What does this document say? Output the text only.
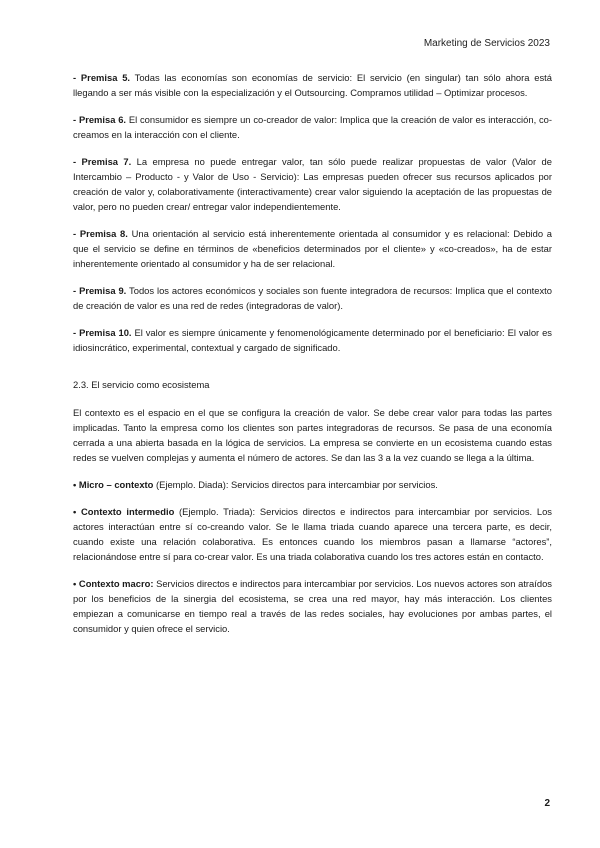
Marketing de Servicios 2023

- Premisa 5. Todas las economías son economías de servicio: El servicio (en singular) tan sólo ahora está llegando a ser más visible con la especialización y el Outsourcing. Compramos utilidad – Optimizar procesos.

- Premisa 6. El consumidor es siempre un co-creador de valor: Implica que la creación de valor es interacción, co-creamos en la interacción con el cliente.

- Premisa 7. La empresa no puede entregar valor, tan sólo puede realizar propuestas de valor (Valor de Intercambio – Producto - y Valor de Uso - Servicio): Las empresas pueden ofrecer sus recursos aplicados por creación de valor y, colaborativamente (interactivamente) crear valor siguiendo la aceptación de las propuestas de valor, pero no pueden crear/ entregar valor independientemente.

- Premisa 8. Una orientación al servicio está inherentemente orientada al consumidor y es relacional: Debido a que el servicio se define en términos de «beneficios determinados por el cliente» y «co-creados», ha de estar inherentemente orientado al consumidor y ha de ser relacional.

- Premisa 9. Todos los actores económicos y sociales son fuente integradora de recursos: Implica que el contexto de creación de valor es una red de redes (integradoras de valor).

- Premisa 10. El valor es siempre únicamente y fenomenológicamente determinado por el beneficiario: El valor es idiosincrático, experimental, contextual y cargado de significado.

2.3. El servicio como ecosistema

El contexto es el espacio en el que se configura la creación de valor. Se debe crear valor para todas las partes implicadas. Tanto la empresa como los clientes son partes integradoras de recursos. Se pasa de una economía cerrada a una abierta basada en la lógica de servicios. La empresa se convierte en un ecosistema cuando estas redes se vuelven complejas y aumenta el número de actores. Se dan las 3 a la vez cuando se llega a la última.

• Micro – contexto (Ejemplo. Diada): Servicios directos para intercambiar por servicios.

• Contexto intermedio (Ejemplo. Triada): Servicios directos e indirectos para intercambiar por servicios. Los actores interactúan entre sí co-creando valor. Se le llama triada cuando aparece una tercera parte, es decir, cuando existe una relación colaborativa. Es entonces cuando los miembros pasan a llamarse “actores”, relacionándose entre sí para co-crear valor. Es una triada colaborativa cuando los tres actores están en contacto.

• Contexto macro: Servicios directos e indirectos para intercambiar por servicios. Los nuevos actores son atraídos por los beneficios de la sinergia del ecosistema, se crea una red mayor, hay más interacción. Los clientes empiezan a comunicarse en tiempo real a través de las redes sociales, hay evoluciones por ambas partes, el consumidor y quien ofrece el servicio.

2
